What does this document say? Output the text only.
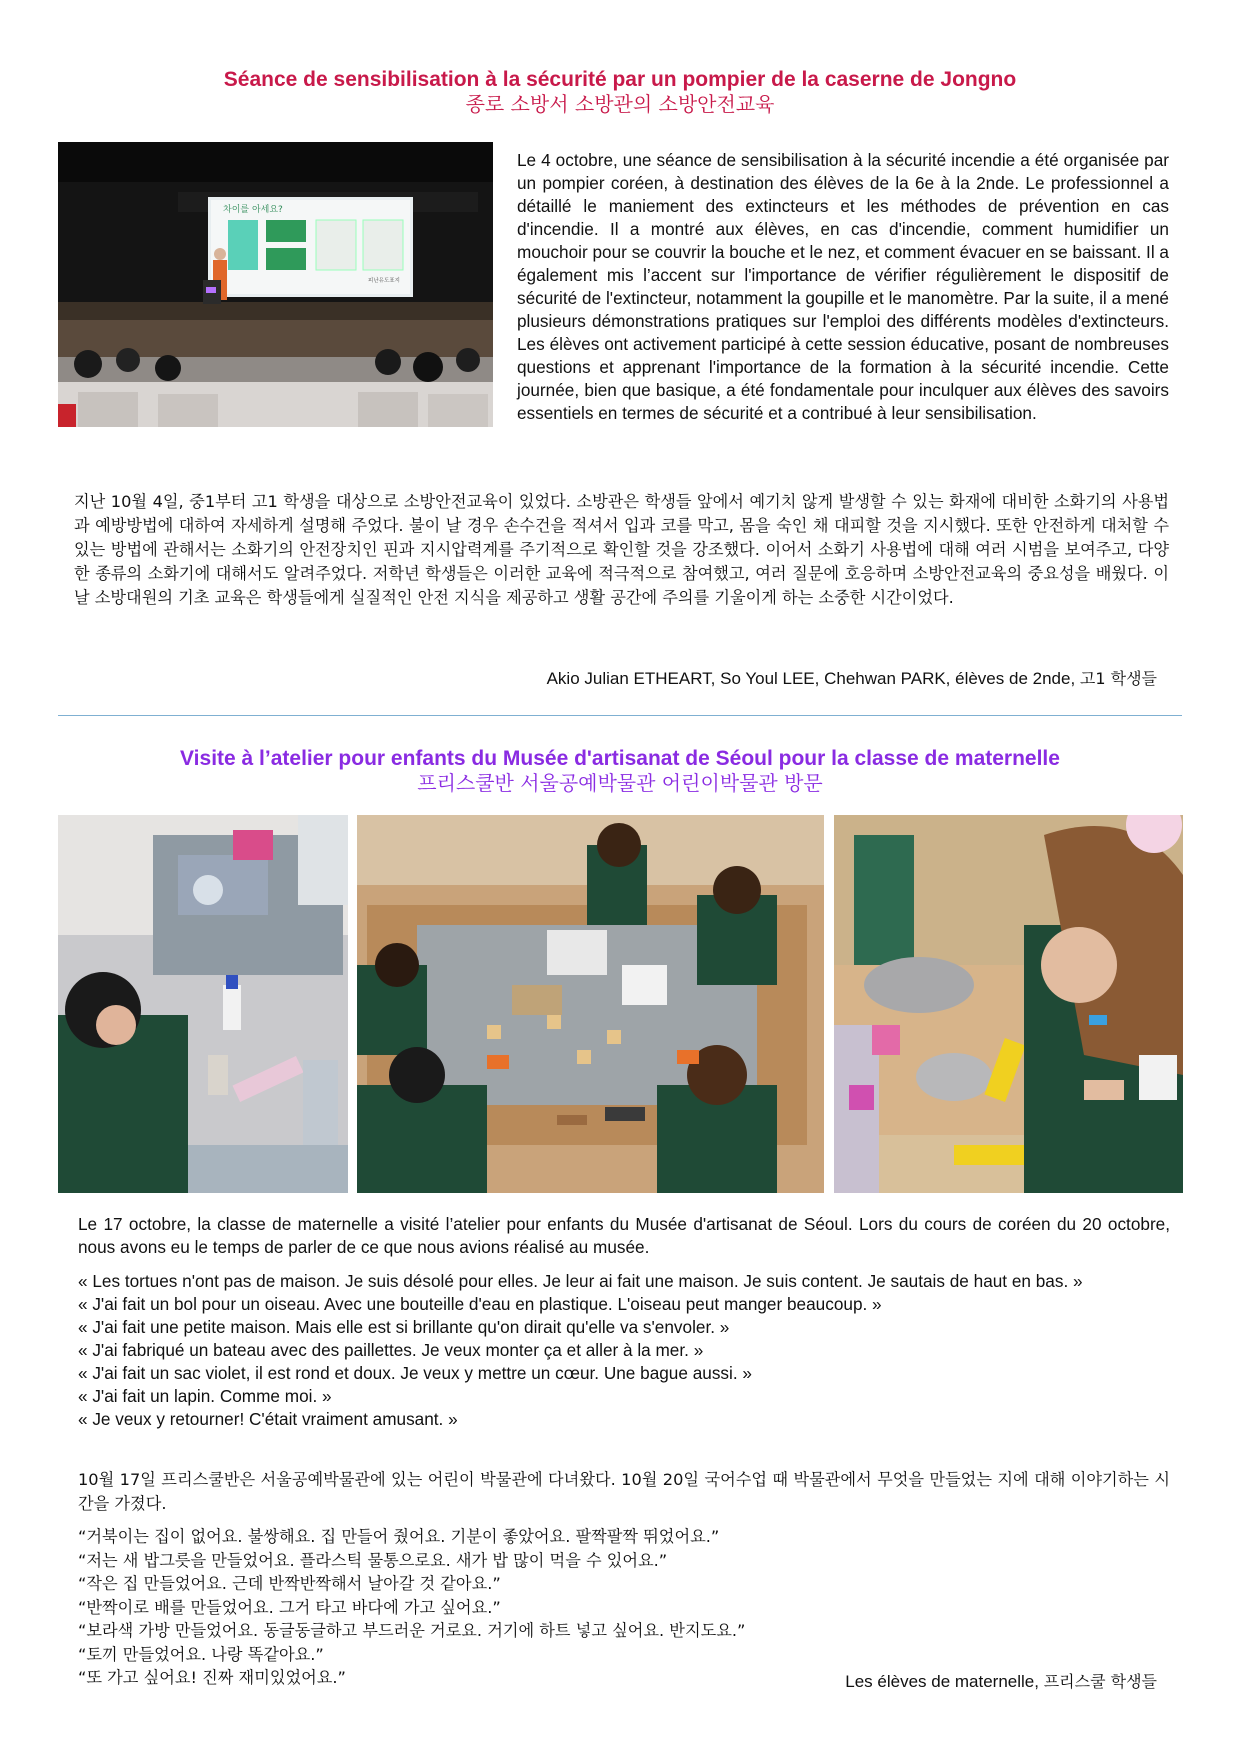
Séance de sensibilisation à la sécurité par un pompier de la caserne de Jongno
종로 소방서 소방관의 소방안전교육
차이를 아세요?
피난유도표지

Le 4 octobre, une séance de sensibilisation à la sécurité incendie a été organisée par un pompier coréen, à destination des élèves de la 6e à la 2nde. Le professionnel a détaillé le maniement des extincteurs et les méthodes de prévention en cas d'incendie. Il a montré aux élèves, en cas d'incendie, comment humidifier un mouchoir pour se couvrir la bouche et le nez, et comment évacuer en se baissant. Il a également mis l’accent sur l'importance de vérifier régulièrement le dispositif de sécurité de l'extincteur, notamment la goupille et le manomètre. Par la suite, il a mené plusieurs démonstrations pratiques sur l'emploi des différents modèles d'extincteurs. Les élèves ont activement participé à cette session éducative, posant de nombreuses questions et apprenant l'importance de la formation à la sécurité incendie. Cette journée, bien que basique, a été fondamentale pour inculquer aux élèves des savoirs essentiels en termes de sécurité et a contribué à leur sensibilisation.

지난 10월 4일, 중1부터 고1 학생을 대상으로 소방안전교육이 있었다. 소방관은 학생들 앞에서 예기치 않게 발생할 수 있는 화재에 대비한 소화기의 사용법과 예방방법에 대하여 자세하게 설명해 주었다. 불이 날 경우 손수건을 적셔서 입과 코를 막고, 몸을 숙인 채 대피할 것을 지시했다. 또한 안전하게 대처할 수 있는 방법에 관해서는 소화기의 안전장치인 핀과 지시압력계를 주기적으로 확인할 것을 강조했다. 이어서 소화기 사용법에 대해 여러 시범을 보여주고, 다양한 종류의 소화기에 대해서도 알려주었다. 저학년 학생들은 이러한 교육에 적극적으로 참여했고, 여러 질문에 호응하며 소방안전교육의 중요성을 배웠다. 이 날 소방대원의 기초 교육은 학생들에게 실질적인 안전 지식을 제공하고 생활 공간에 주의를 기울이게 하는 소중한 시간이었다.
Akio Julian ETHEART, So Youl LEE, Chehwan PARK, élèves de 2nde, 고1 학생들
Visite à l’atelier pour enfants du Musée d'artisanat de Séoul pour la classe de maternelle
프리스쿨반 서울공예박물관 어린이박물관 방문
Le 17 octobre, la classe de maternelle a visité l’atelier pour enfants du Musée d'artisanat de Séoul. Lors du cours de coréen du 20 octobre, nous avons eu le temps de parler de ce que nous avions réalisé au musée.
« Les tortues n'ont pas de maison. Je suis désolé pour elles. Je leur ai fait une maison. Je suis content. Je sautais de haut en bas. »
« J'ai fait un bol pour un oiseau. Avec une bouteille d'eau en plastique. L'oiseau peut manger beaucoup. »
« J'ai fait une petite maison. Mais elle est si brillante qu'on dirait qu'elle va s'envoler. »
« J'ai fabriqué un bateau avec des paillettes. Je veux monter ça et aller à la mer. »
« J'ai fait un sac violet, il est rond et doux. Je veux y mettre un cœur. Une bague aussi. »
« J'ai fait un lapin. Comme moi. »
« Je veux y retourner! C'était vraiment amusant. »
10월 17일 프리스쿨반은 서울공예박물관에 있는 어린이 박물관에 다녀왔다. 10월 20일 국어수업 때 박물관에서 무엇을 만들었는 지에 대해 이야기하는 시간을 가졌다.
“거북이는 집이 없어요. 불쌍해요. 집 만들어 줬어요. 기분이 좋았어요. 팔짝팔짝 뛰었어요.”
“저는 새 밥그릇을 만들었어요. 플라스틱 물통으로요. 새가 밥 많이 먹을 수 있어요.”
“작은 집 만들었어요. 근데 반짝반짝해서 날아갈 것 같아요.”
“반짝이로 배를 만들었어요. 그거 타고 바다에 가고 싶어요.”
“보라색 가방 만들었어요. 동글동글하고 부드러운 거로요. 거기에 하트 넣고 싶어요. 반지도요.”
“토끼 만들었어요. 나랑 똑같아요.”
“또 가고 싶어요! 진짜 재미있었어요.”	Les élèves de maternelle, 프리스쿨 학생들
